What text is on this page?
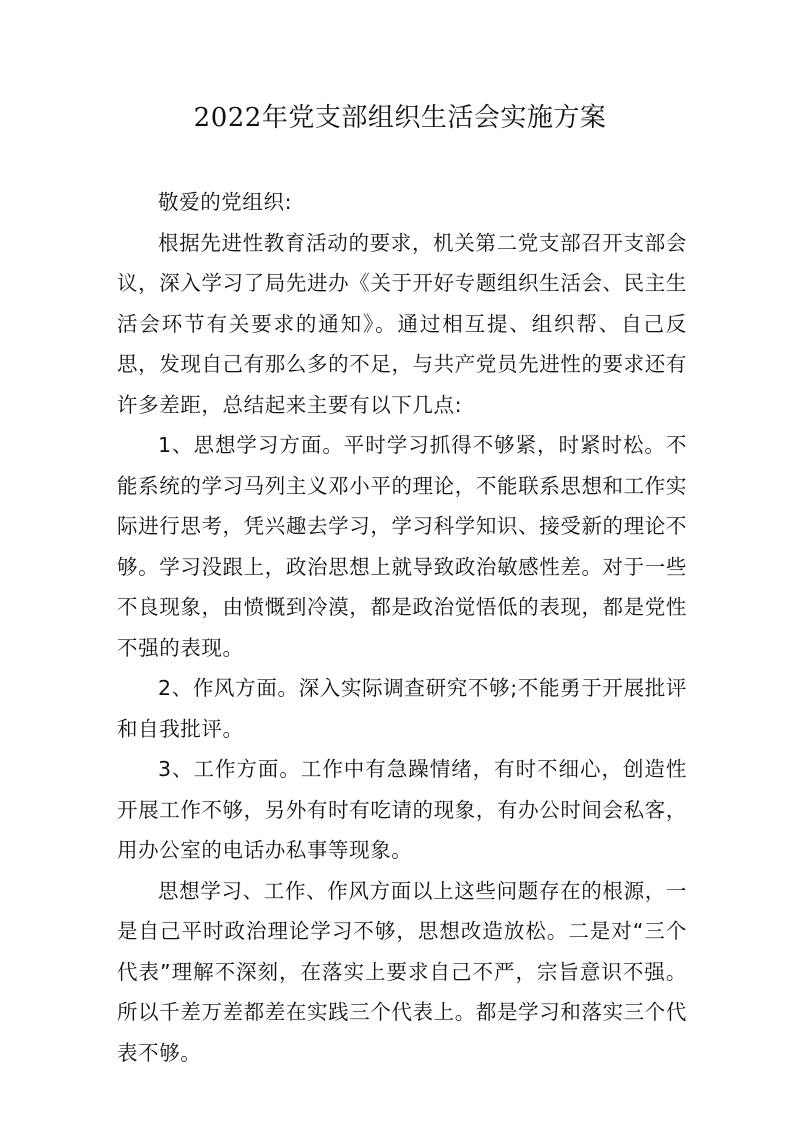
2022年党支部组织生活会实施方案

敬爱的党组织:

根据先进性教育活动的要求，机关第二党支部召开支部会议，深入学习了局先进办《关于开好专题组织生活会、民主生活会环节有关要求的通知》。通过相互提、组织帮、自己反思，发现自己有那么多的不足，与共产党员先进性的要求还有许多差距，总结起来主要有以下几点:

1、思想学习方面。平时学习抓得不够紧，时紧时松。不能系统的学习马列主义邓小平的理论，不能联系思想和工作实际进行思考，凭兴趣去学习，学习科学知识、接受新的理论不够。学习没跟上，政治思想上就导致政治敏感性差。对于一些不良现象，由愤慨到冷漠，都是政治觉悟低的表现，都是党性不强的表现。

2、作风方面。深入实际调查研究不够;不能勇于开展批评和自我批评。

3、工作方面。工作中有急躁情绪，有时不细心，创造性开展工作不够，另外有时有吃请的现象，有办公时间会私客，用办公室的电话办私事等现象。

思想学习、工作、作风方面以上这些问题存在的根源，一是自己平时政治理论学习不够，思想改造放松。二是对“三个代表”理解不深刻，在落实上要求自己不严，宗旨意识不强。所以千差万差都差在实践三个代表上。都是学习和落实三个代表不够。
